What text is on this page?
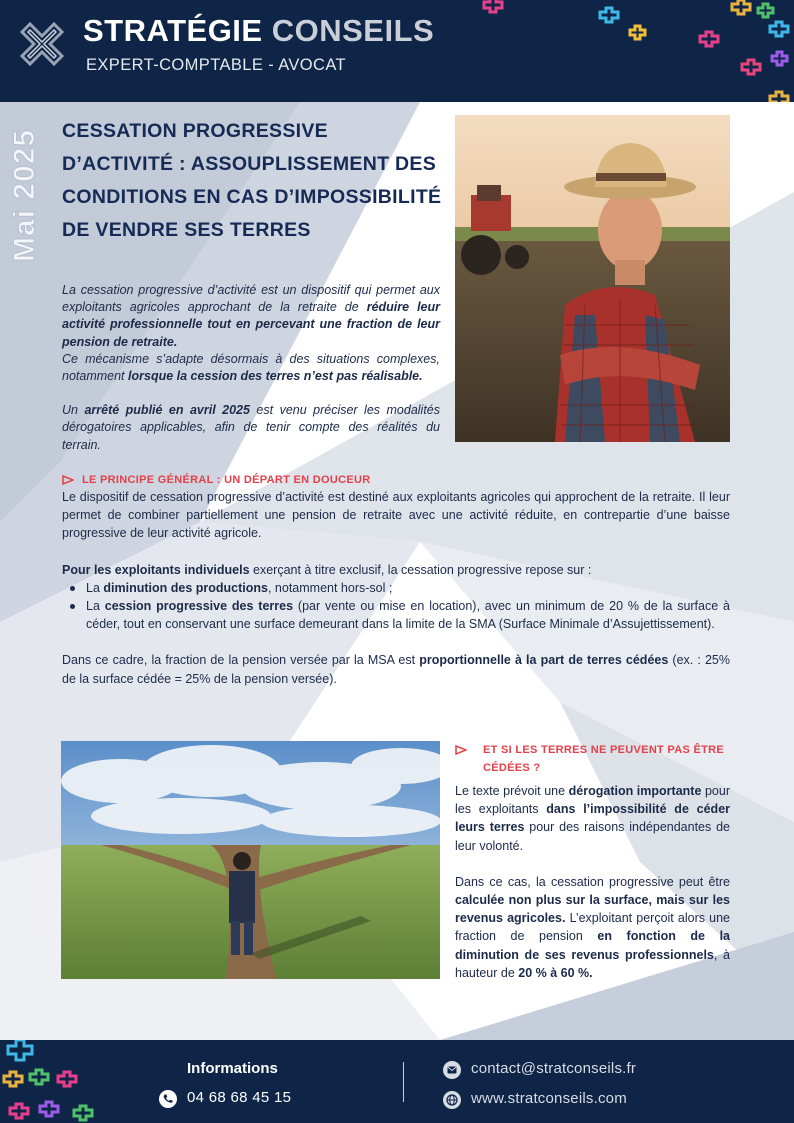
STRATÉGIE CONSEILS
EXPERT-COMPTABLE - AVOCAT
Mai 2025 CESSATION PROGRESSIVE D’ACTIVITÉ : ASSOUPLISSEMENT DES CONDITIONS EN CAS D’IMPOSSIBILITÉ DE VENDRE SES TERRES

La cessation progressive d’activité est un dispositif qui permet aux exploitants agricoles approchant de la retraite de réduire leur activité professionnelle tout en percevant une fraction de leur pension de retraite.

Ce mécanisme s’adapte désormais à des situations complexes, notamment lorsque la cession des terres n’est pas réalisable.

Un arrêté publié en avril 2025 est venu préciser les modalités dérogatoires applicables, afin de tenir compte des réalités du terrain.

LE PRINCIPE GÉNÉRAL : UN DÉPART EN DOUCEUR

Le dispositif de cessation progressive d’activité est destiné aux exploitants agricoles qui approchent de la retraite. Il leur permet de combiner partiellement une pension de retraite avec une activité réduite, en contrepartie d’une baisse progressive de leur activité agricole.

Pour les exploitants individuels exerçant à titre exclusif, la cessation progressive repose sur :

La diminution des productions, notamment hors-sol ;
La cession progressive des terres (par vente ou mise en location), avec un minimum de 20 % de la surface à céder, tout en conservant une surface demeurant dans la limite de la SMA (Surface Minimale d’Assujettissement).

Dans ce cadre, la fraction de la pension versée par la MSA est proportionnelle à la part de terres cédées (ex. : 25% de la surface cédée = 25% de la pension versée).

ET SI LES TERRES NE PEUVENT PAS ÊTRE CÉDÉES ?

Le texte prévoit une dérogation importante pour les exploitants dans l’impossibilité de céder leurs terres pour des raisons indépendantes de leur volonté.

Dans ce cas, la cessation progressive peut être calculée non plus sur la surface, mais sur les revenus agricoles. L’exploitant perçoit alors une fraction de pension en fonction de la diminution de ses revenus professionnels, à hauteur de 20 % à 60 %.

Informations
04 68 68 45 15
contact@stratconseils.fr
www.stratconseils.com
